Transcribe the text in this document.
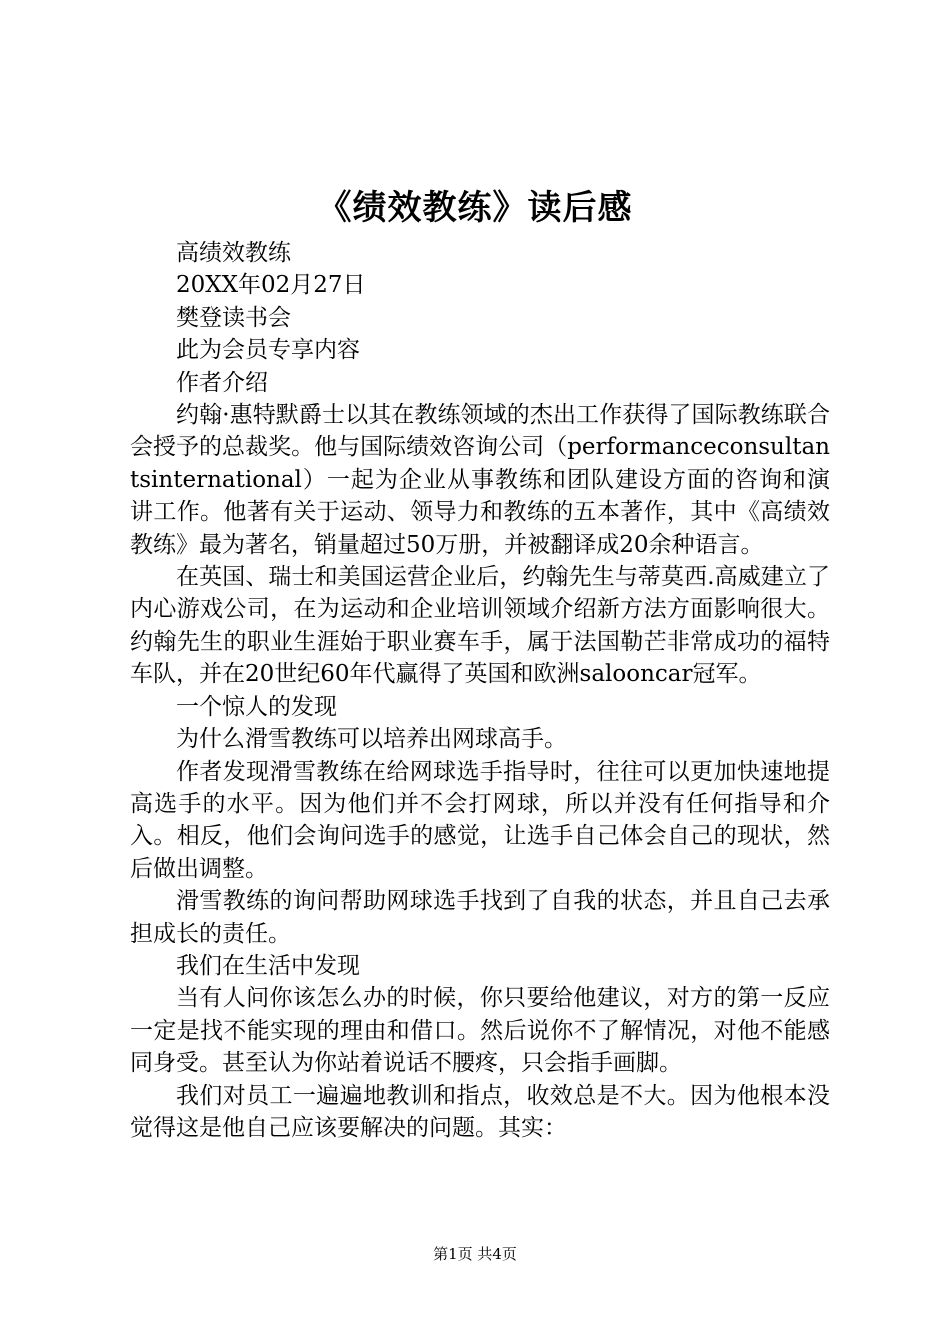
《绩效教练》读后感

高绩效教练

20XX年02月27日

樊登读书会

此为会员专享内容

作者介绍

约翰·惠特默爵士以其在教练领域的杰出工作获得了国际教练联合会授予的总裁奖。他与国际绩效咨询公司（performanceconsultantsinternational）一起为企业从事教练和团队建设方面的咨询和演讲工作。他著有关于运动、领导力和教练的五本著作，其中《高绩效教练》最为著名，销量超过50万册，并被翻译成20余种语言。

在英国、瑞士和美国运营企业后，约翰先生与蒂莫西.高威建立了内心游戏公司，在为运动和企业培训领域介绍新方法方面影响很大。约翰先生的职业生涯始于职业赛车手，属于法国勒芒非常成功的福特车队，并在20世纪60年代赢得了英国和欧洲salooncar冠军。

一个惊人的发现

为什么滑雪教练可以培养出网球高手。

作者发现滑雪教练在给网球选手指导时，往往可以更加快速地提高选手的水平。因为他们并不会打网球，所以并没有任何指导和介入。相反，他们会询问选手的感觉，让选手自己体会自己的现状，然后做出调整。

滑雪教练的询问帮助网球选手找到了自我的状态，并且自己去承担成长的责任。

我们在生活中发现

当有人问你该怎么办的时候，你只要给他建议，对方的第一反应一定是找不能实现的理由和借口。然后说你不了解情况，对他不能感同身受。甚至认为你站着说话不腰疼，只会指手画脚。

我们对员工一遍遍地教训和指点，收效总是不大。因为他根本没觉得这是他自己应该要解决的问题。其实：

第1页 共4页
